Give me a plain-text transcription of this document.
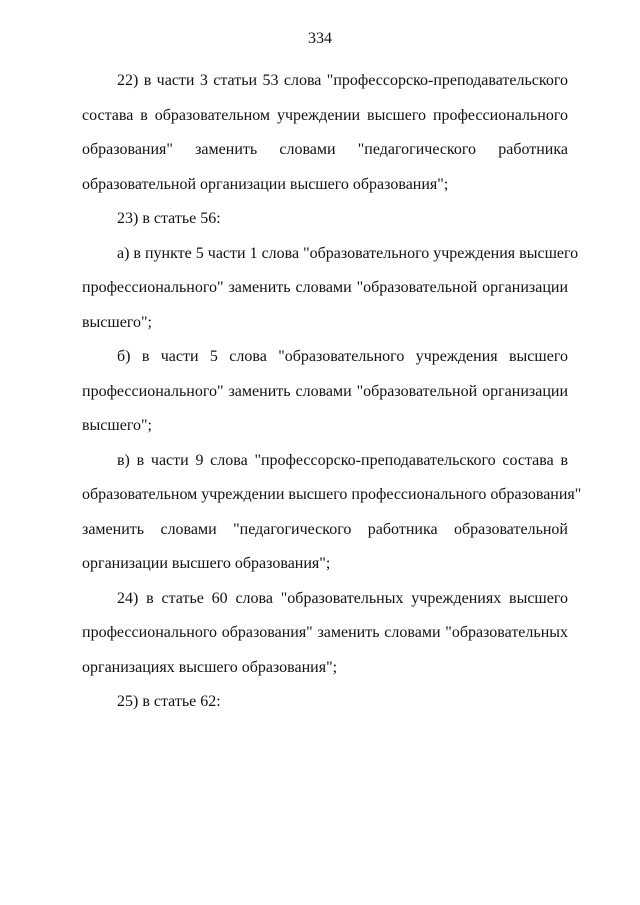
334
22) в части 3 статьи 53 слова "профессорско-преподавательского
состава в образовательном учреждении высшего профессионального
образования" заменить словами "педагогического работника
образовательной организации высшего образования";
23) в статье 56:
а) в пункте 5 части 1 слова "образовательного учреждения высшего
профессионального" заменить словами "образовательной организации
высшего";
б) в части 5 слова "образовательного учреждения высшего
профессионального" заменить словами "образовательной организации
высшего";
в) в части 9 слова "профессорско-преподавательского состава в
образовательном учреждении высшего профессионального образования"
заменить словами "педагогического работника образовательной
организации высшего образования";
24) в статье 60 слова "образовательных учреждениях высшего
профессионального образования" заменить словами "образовательных
организациях высшего образования";
25) в статье 62:
